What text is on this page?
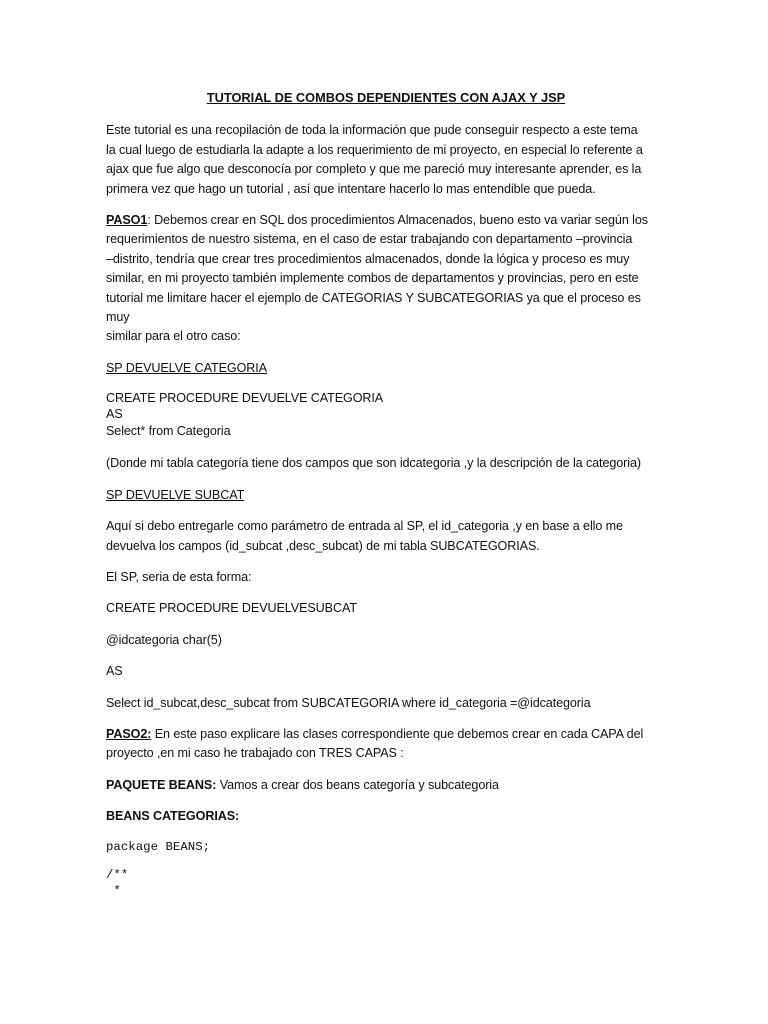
TUTORIAL DE COMBOS DEPENDIENTES CON AJAX Y JSP

Este tutorial es una recopilación de toda la información que pude conseguir respecto a este tema

la cual luego de estudiarla la adapte a los requerimiento de mi proyecto, en especial lo referente a

ajax que fue algo que desconocía por completo y que me pareció muy interesante aprender, es la

primera vez que hago un tutorial , así que intentare hacerlo lo mas entendible que pueda.

PASO1: Debemos crear en SQL dos procedimientos Almacenados, bueno esto va variar según los

requerimientos de nuestro sistema, en el caso de estar trabajando con departamento –provincia

–distrito, tendría que crear tres procedimientos almacenados, donde la lógica y proceso es muy

similar, en mi proyecto también implemente combos de departamentos y provincias, pero en este

tutorial me limitare hacer el ejemplo de CATEGORIAS Y SUBCATEGORIAS ya que el proceso es muy

similar para el otro caso:

SP DEVUELVE CATEGORIA

CREATE PROCEDURE DEVUELVE CATEGORIA

AS

Select* from Categoria

(Donde mi tabla categoría tiene dos campos que son idcategoria ,y la descripción de la categoria)

SP DEVUELVE SUBCAT

Aquí si debo entregarle como parámetro de entrada al SP, el id_categoria ,y en base a ello me

devuelva los campos (id_subcat ,desc_subcat) de mi tabla SUBCATEGORIAS.

El SP, seria de esta forma:

CREATE PROCEDURE DEVUELVESUBCAT

@idcategoria char(5)

AS

Select id_subcat,desc_subcat from SUBCATEGORIA where id_categoria =@idcategoria

PASO2: En este paso explicare las clases correspondiente que debemos crear en cada CAPA del

proyecto ,en mi caso he trabajado con TRES CAPAS :

PAQUETE BEANS: Vamos a crear dos beans categoría y subcategoria

BEANS CATEGORIAS:

package BEANS;

/**

*
